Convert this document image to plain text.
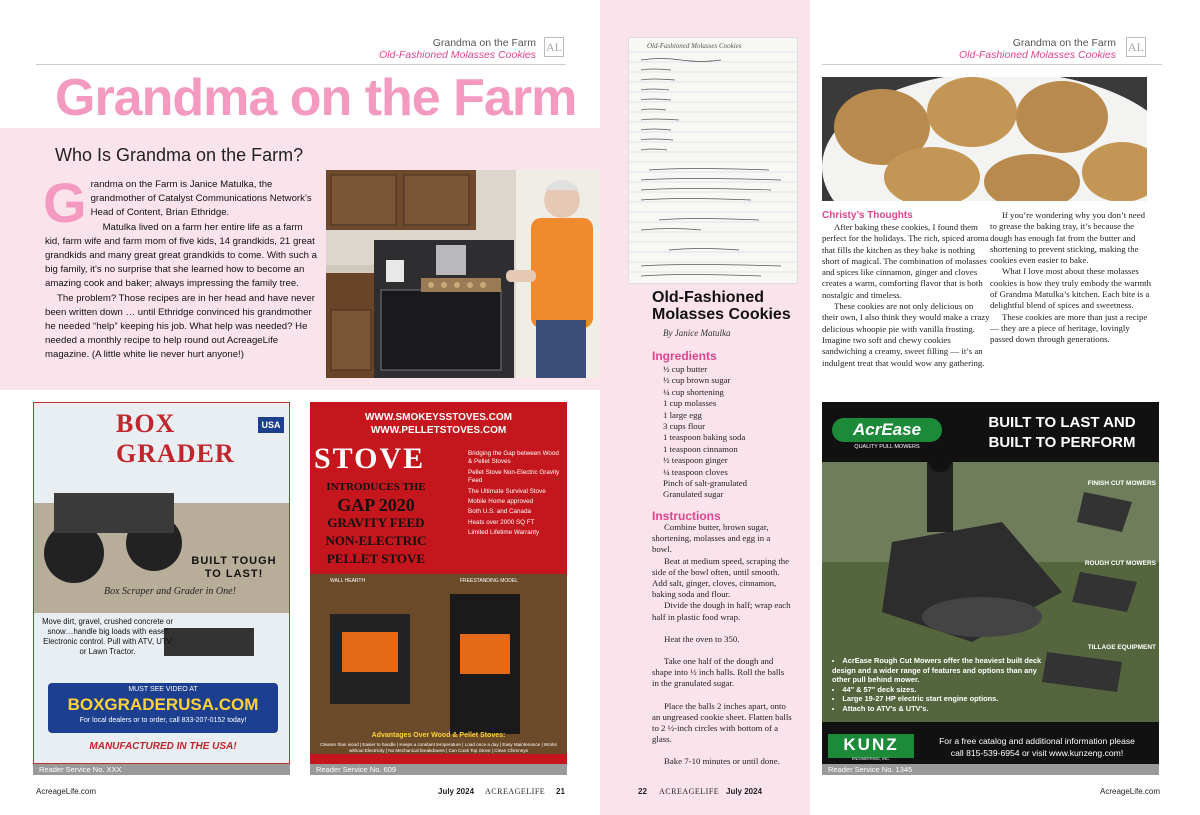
Grandma on the Farm
Old-Fashioned Molasses Cookies
AL
Grandma on the Farm
Who Is Grandma on the Farm?

Grandma on the Farm is Janice Matulka, the grandmother of Catalyst Communications Network’s Head of Content, Brian Ethridge.

Matulka lived on a farm her entire life as a farm kid, farm wife and farm mom of five kids, 14 grandkids, 21 great grandkids and many great great grandkids to come. With such a big family, it’s no surprise that she learned how to become an amazing cook and baker; always impressing the family tree.

The problem? Those recipes are in her head and have never been written down … until Ethridge convinced his grandmother he needed “help” keeping his job. What help was needed? He needed a monthly recipe to help round out AcreageLife magazine. (A little white lie never hurt anyone!)

BOX GRADER
USA
BUILT TOUGH TO LAST!
Box Scraper and Grader in One!
Move dirt, gravel, crushed concrete or snow…handle big loads with ease! Electronic control. Pull with ATV, UTV or Lawn Tractor.
MUST SEE VIDEO AT
BOXGRADERUSA.COM
For local dealers or to order, call 833-207-0152 today!
MANUFACTURED IN THE USA!
Reader Service No. XXX
WWW.SMOKEYSSTOVES.COM
WWW.PELLETSTOVES.COM
STOVE
INTRODUCES THE
GAP 2020
GRAVITY FEED
NON-ELECTRIC
PELLET STOVE
Bridging the Gap between Wood & Pellet Stoves
Pellet Stove Non-Electric Gravity Feed
The Ultimate Survival Stove
Mobile Home approved
Both U.S. and Canada
Heats over 2000 SQ FT
Limited Lifetime Warranty
WALL HEARTH	FREESTANDING MODEL
Advantages Over Wood & Pellet Stoves:
Cleaner than wood | Easier to handle | Keeps a constant temperature | Load once a day | Easy Maintenance | Works without Electricity | No Mechanical breakdowns | Can Cook Top Stove | Clean Chimneys
Reader Service No. 609
AcreageLife.com	July 2024 ACREAGELIFE 21
Old-Fashioned Molasses Cookies
Old-Fashioned Molasses Cookies
By Janice Matulka
Ingredients
½ cup butter
½ cup brown sugar
¼ cup shortening
1 cup molasses
1 large egg
3 cups flour
1 teaspoon baking soda
1 teaspoon cinnamon
½ teaspoon ginger
¼ teaspoon cloves
Pinch of salt-granulated
Granulated sugar
Instructions

Combine butter, brown sugar, shortening, molasses and egg in a bowl.

Beat at medium speed, scraping the side of the bowl often, until smooth. Add salt, ginger, cloves, cinnamon, baking soda and flour.

Divide the dough in half; wrap each half in plastic food wrap.

Heat the oven to 350.

Take one half of the dough and shape into ½ inch balls. Roll the balls in the granulated sugar.

Place the balls 2 inches apart, onto an ungreased cookie sheet. Flatten balls to 2 ½-inch circles with bottom of a glass.

Bake 7-10 minutes or until done.

Grandma on the Farm
Old-Fashioned Molasses Cookies
AL
Christy’s Thoughts

After baking these cookies, I found them perfect for the holidays. The rich, spiced aroma that fills the kitchen as they bake is nothing short of magical. The combination of molasses and spices like cinnamon, ginger and cloves creates a warm, comforting flavor that is both nostalgic and timeless.

These cookies are not only delicious on their own, I also think they would make a crazy delicious whoopie pie with vanilla frosting. Imagine two soft and chewy cookies sandwiching a creamy, sweet filling — it’s an indulgent treat that would wow any gathering.

If you’re wondering why you don’t need to grease the baking tray, it’s because the dough has enough fat from the butter and shortening to prevent sticking, making the cookies even easier to bake.

What I love most about these molasses cookies is how they truly embody the warmth of Grandma Matulka’s kitchen. Each bite is a delightful blend of spices and sweetness.

These cookies are more than just a recipe — they are a piece of heritage, lovingly passed down through generations.

AcrEase
QUALITY PULL MOWERS
BUILT TO LAST AND
BUILT TO PERFORM
FINISH CUT MOWERS
ROUGH CUT MOWERS
TILLAGE EQUIPMENT
• AcrEase Rough Cut Mowers offer the heaviest built deck design and a wider range of features and options than any other pull behind mower.
• 44" & 57" deck sizes.
• Large 19-27 HP electric start engine options.
• Attach to ATV's & UTV's.
KUNZ
ENGINEERING, INC.
For a free catalog and additional information please
call 815-539-6954 or visit www.kunzeng.com!
Reader Service No. 1345
22 ACREAGELIFE July 2024	AcreageLife.com
